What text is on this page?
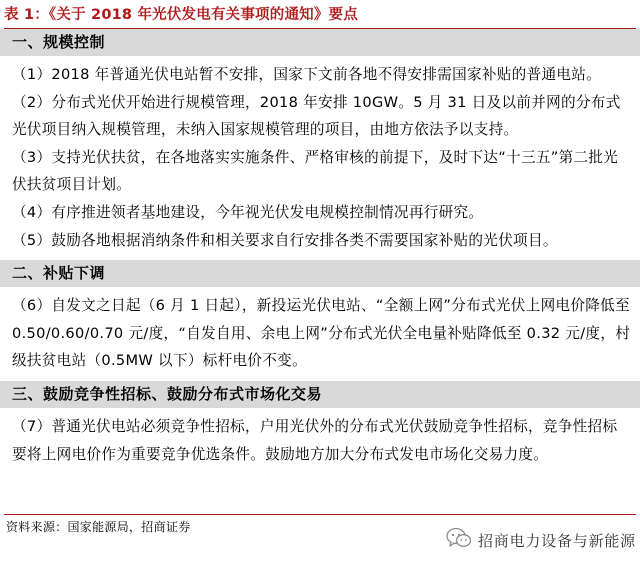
表 1：《关于 2018 年光伏发电有关事项的通知》要点
一、规模控制

（1）2018 年普通光伏电站暂不安排，国家下文前各地不得安排需国家补贴的普通电站。

（2）分布式光伏开始进行规模管理，2018 年安排 10GW。5 月 31 日及以前并网的分布式光伏项目纳入规模管理，未纳入国家规模管理的项目，由地方依法予以支持。

（3）支持光伏扶贫，在各地落实实施条件、严格审核的前提下，及时下达“十三五”第二批光伏扶贫项目计划。

（4）有序推进领者基地建设，今年视光伏发电规模控制情况再行研究。

（5）鼓励各地根据消纳条件和相关要求自行安排各类不需要国家补贴的光伏项目。

二、补贴下调

（6）自发文之日起（6 月 1 日起），新投运光伏电站、“全额上网”分布式光伏上网电价降低至 0.50/0.60/0.70 元/度，“自发自用、余电上网”分布式光伏全电量补贴降低至 0.32 元/度，村级扶贫电站（0.5MW 以下）标杆电价不变。

三、鼓励竞争性招标、鼓励分布式市场化交易

（7）普通光伏电站必须竞争性招标，户用光伏外的分布式光伏鼓励竞争性招标，竞争性招标要将上网电价作为重要竞争优选条件。鼓励地方加大分布式发电市场化交易力度。

资料来源：国家能源局，招商证券
招商电力设备与新能源
